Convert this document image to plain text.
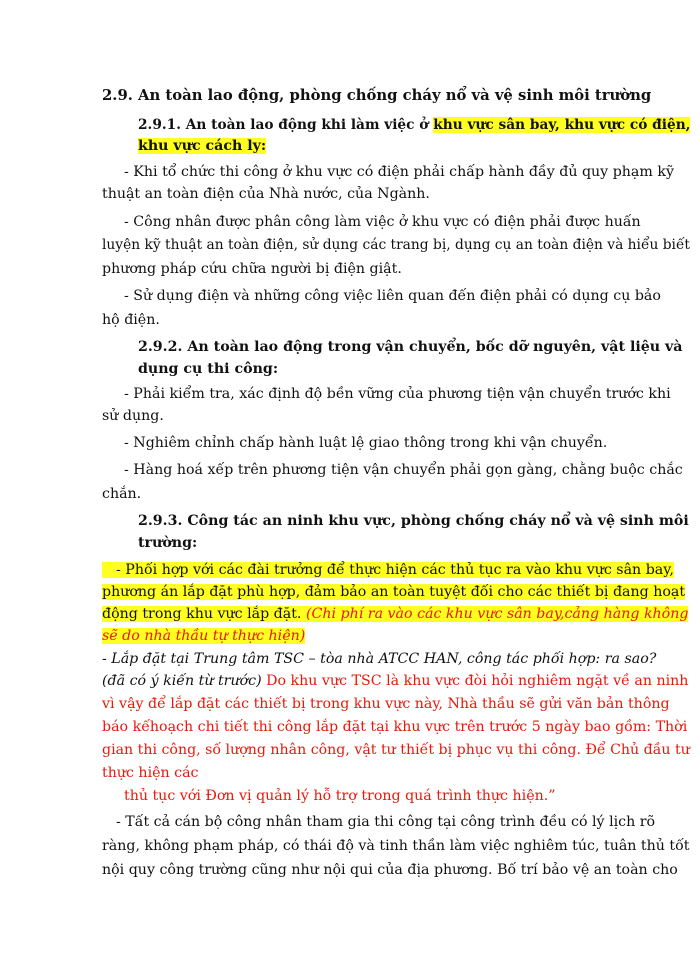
2.9. An toàn lao động, phòng chống cháy nổ và vệ sinh môi trường
2.9.1. An toàn lao động khi làm việc ở khu vực sân bay, khu vực có điện,
khu vực cách ly:
- Khi tổ chức thi công ở khu vực có điện phải chấp hành đầy đủ quy phạm kỹ
thuật an toàn điện của Nhà nước, của Ngành.
- Công nhân được phân công làm việc ở khu vực có điện phải được huấn
luyện kỹ thuật an toàn điện, sử dụng các trang bị, dụng cụ an toàn điện và hiểu biết
phương pháp cứu chữa người bị điện giật.
- Sử dụng điện và những công việc liên quan đến điện phải có dụng cụ bảo
hộ điện.
2.9.2. An toàn lao động trong vận chuyển, bốc dỡ nguyên, vật liệu và
dụng cụ thi công:
- Phải kiểm tra, xác định độ bền vững của phương tiện vận chuyển trước khi
sử dụng.
- Nghiêm chỉnh chấp hành luật lệ giao thông trong khi vận chuyển.
- Hàng hoá xếp trên phương tiện vận chuyển phải gọn gàng, chằng buộc chắc
chắn.
2.9.3. Công tác an ninh khu vực, phòng chống cháy nổ và vệ sinh môi
trường:
- Phối hợp với các đài trưởng để thực hiện các thủ tục ra vào khu vực sân bay,
phương án lắp đặt phù hợp, đảm bảo an toàn tuyệt đối cho các thiết bị đang hoạt
động trong khu vực lắp đặt. (Chi phí ra vào các khu vực sân bay,cảng hàng không
sẽ do nhà thầu tự thực hiện)
- Lắp đặt tại Trung tâm TSC – tòa nhà ATCC HAN, công tác phối hợp: ra sao?
(đã có ý kiến từ trước) Do khu vực TSC là khu vực đòi hỏi nghiêm ngặt về an ninh
vì vậy để lắp đặt các thiết bị trong khu vực này, Nhà thầu sẽ gửi văn bản thông
báo kếhoạch chi tiết thi công lắp đặt tại khu vực trên trước 5 ngày bao gồm: Thời
gian thi công, số lượng nhân công, vật tư thiết bị phục vụ thi công. Để Chủ đầu tư
thực hiện các
thủ tục với Đơn vị quản lý hỗ trợ trong quá trình thực hiện.”
- Tất cả cán bộ công nhân tham gia thi công tại công trình đều có lý lịch rõ
ràng, không phạm pháp, có thái độ và tinh thần làm việc nghiêm túc, tuân thủ tốt
nội quy công trường cũng như nội qui của địa phương. Bố trí bảo vệ an toàn cho
